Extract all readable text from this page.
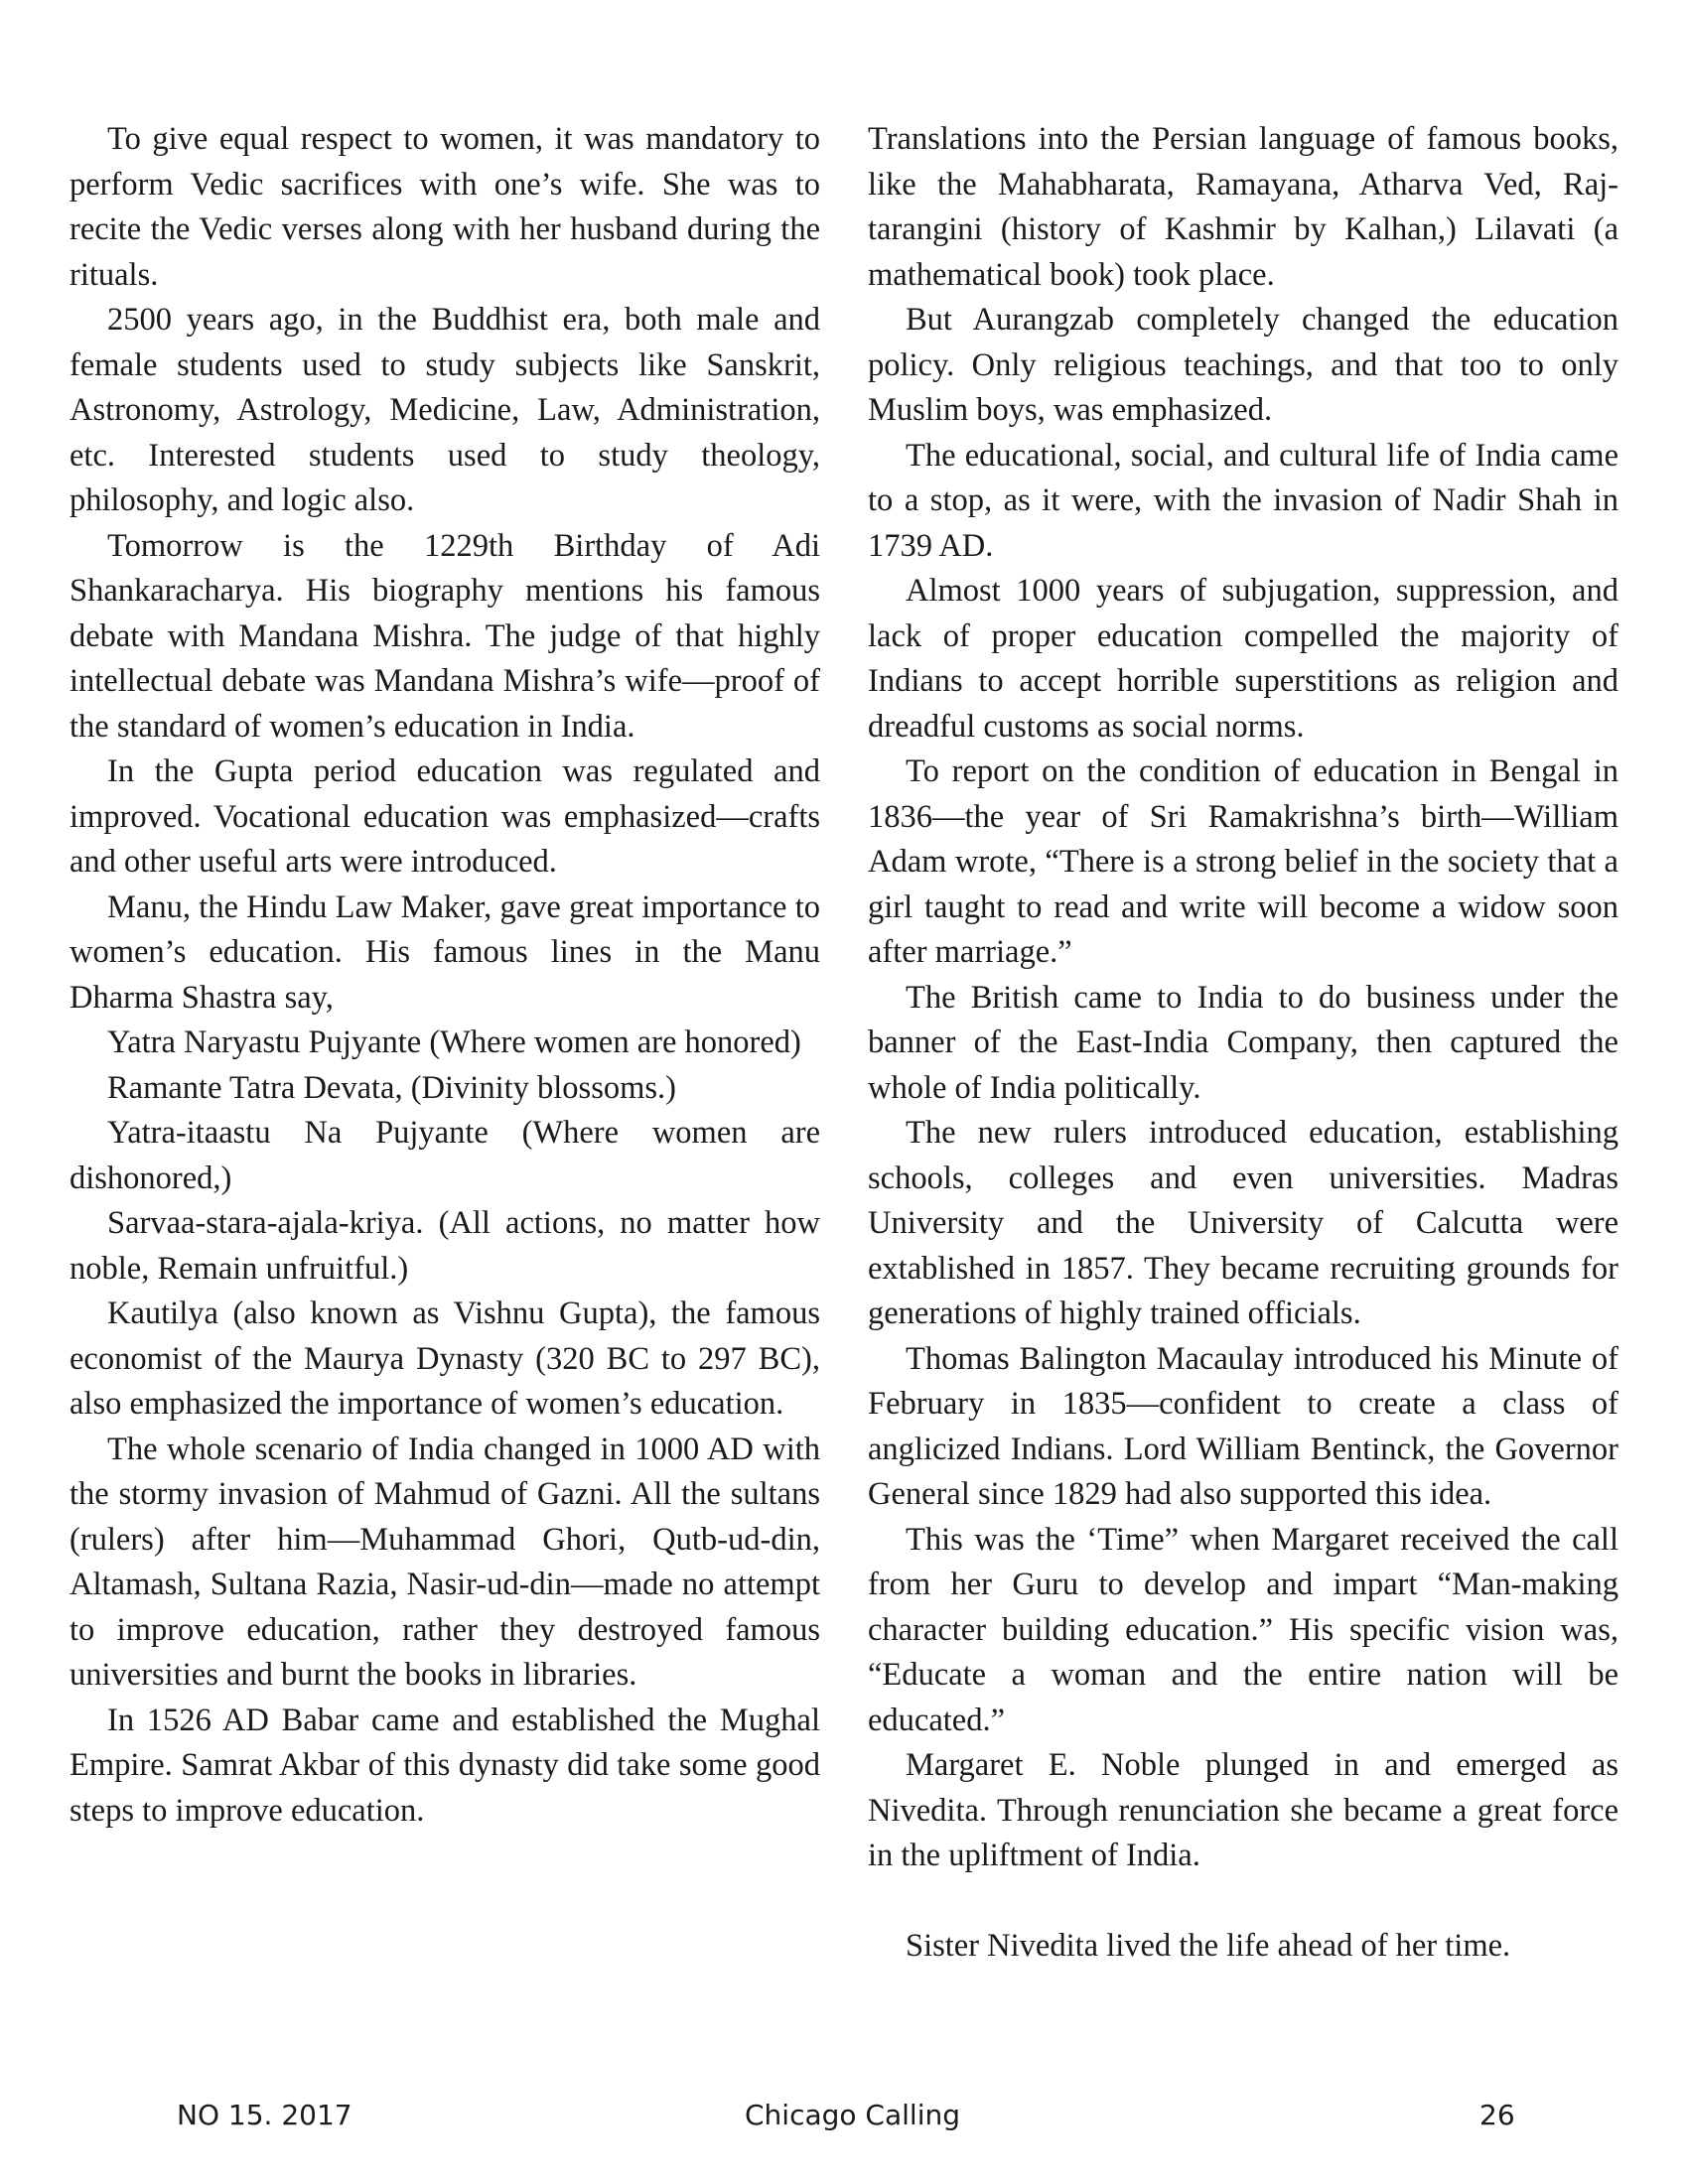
To give equal respect to women, it was mandatory to perform Vedic sacrifices with one’s wife. She was to recite the Vedic verses along with her husband during the rituals.

2500 years ago, in the Buddhist era, both male and female students used to study subjects like Sanskrit, Astronomy, Astrology, Medicine, Law, Administration, etc. Interested students used to study theology, philosophy, and logic also.

Tomorrow is the 1229th Birthday of Adi Shankaracharya. His biography mentions his famous debate with Mandana Mishra. The judge of that highly intellectual debate was Mandana Mishra’s wife—proof of the standard of women’s education in India.

In the Gupta period education was regulated and improved. Vocational education was emphasized—crafts and other useful arts were introduced.

Manu, the Hindu Law Maker, gave great importance to women’s education. His famous lines in the Manu Dharma Shastra say,

Yatra Naryastu Pujyante (Where women are honored)

Ramante Tatra Devata, (Divinity blossoms.)

Yatra-itaastu Na Pujyante (Where women are dishonored,)

Sarvaa-stara-ajala-kriya. (All actions, no matter how noble, Remain unfruitful.)

Kautilya (also known as Vishnu Gupta), the famous economist of the Maurya Dynasty (320 BC to 297 BC), also emphasized the importance of women’s education.

The whole scenario of India changed in 1000 AD with the stormy invasion of Mahmud of Gazni. All the sultans (rulers) after him—Muhammad Ghori, Qutb-ud-din, Altamash, Sultana Razia, Nasir-ud-din—made no attempt to improve education, rather they destroyed famous universities and burnt the books in libraries.

In 1526 AD Babar came and established the Mughal Empire. Samrat Akbar of this dynasty did take some good steps to improve education.

Translations into the Persian language of famous books, like the Mahabharata, Ramayana, Atharva Ved, Raj-tarangini (history of Kashmir by Kalhan,) Lilavati (a mathematical book) took place.

But Aurangzab completely changed the education policy. Only religious teachings, and that too to only Muslim boys, was emphasized.

The educational, social, and cultural life of India came to a stop, as it were, with the invasion of Nadir Shah in 1739 AD.

Almost 1000 years of subjugation, suppression, and lack of proper education compelled the majority of Indians to accept horrible superstitions as religion and dreadful customs as social norms.

To report on the condition of education in Bengal in 1836—the year of Sri Ramakrishna’s birth—William Adam wrote, “There is a strong belief in the society that a girl taught to read and write will become a widow soon after marriage.”

The British came to India to do business under the banner of the East-India Company, then captured the whole of India politically.

The new rulers introduced education, establishing schools, colleges and even universities. Madras University and the University of Calcutta were extablished in 1857. They became recruiting grounds for generations of highly trained officials.

Thomas Balington Macaulay introduced his Minute of February in 1835—confident to create a class of anglicized Indians. Lord William Bentinck, the Governor General since 1829 had also supported this idea.

This was the ‘Time” when Margaret received the call from her Guru to develop and impart “Man-making character building education.” His specific vision was, “Educate a woman and the entire nation will be educated.”

Margaret E. Noble plunged in and emerged as Nivedita. Through renunciation she became a great force in the upliftment of India.

Sister Nivedita lived the life ahead of her time.

NO 15. 2017	Chicago Calling	26
